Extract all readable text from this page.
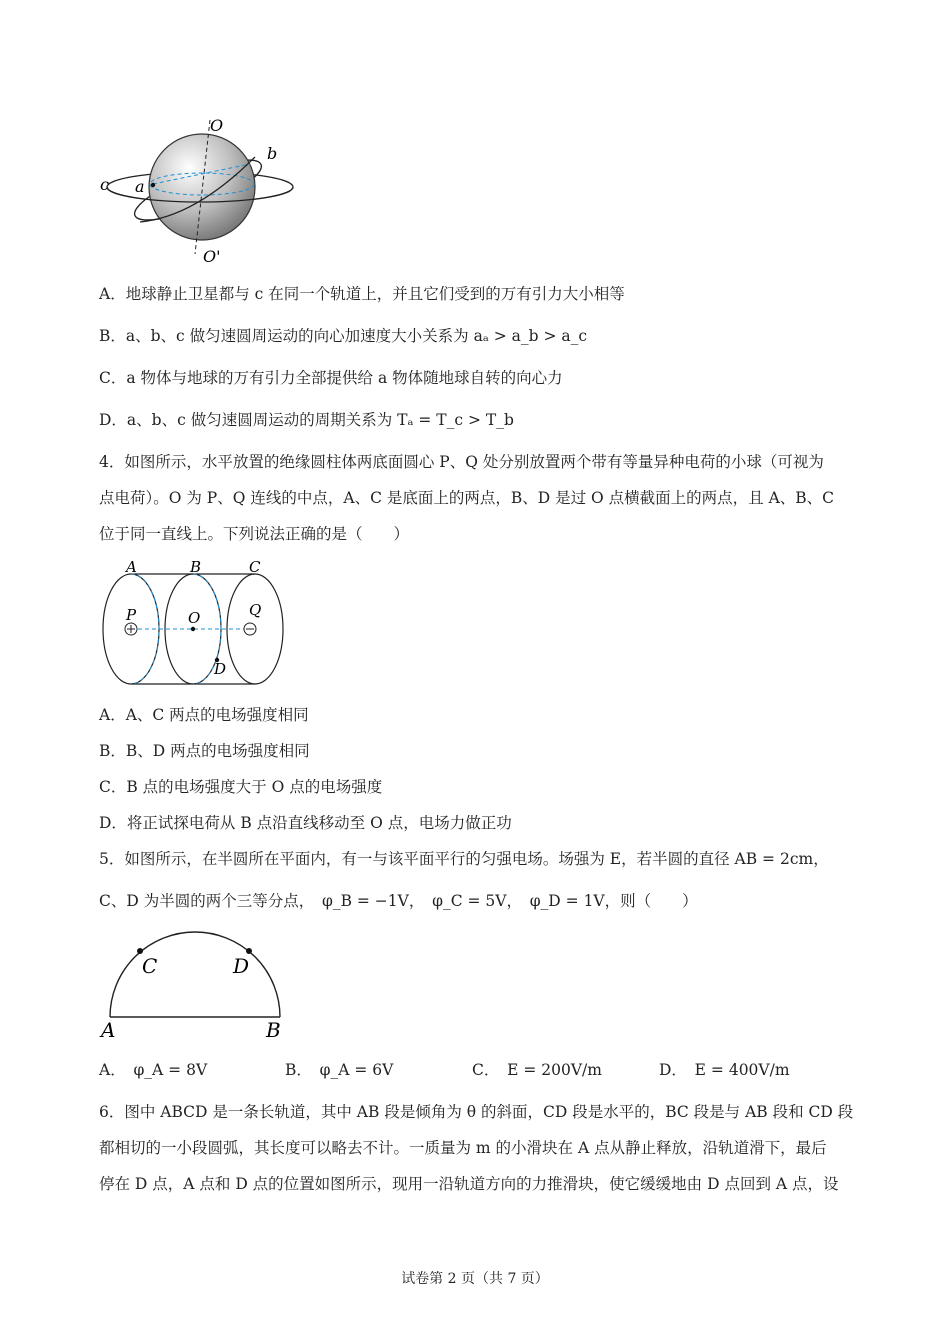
O
O'
b
c a
A．地球静止卫星都与 c 在同一个轨道上，并且它们受到的万有引力大小相等
B．a、b、c 做匀速圆周运动的向心加速度大小关系为 aₐ > a_b > a_c
C．a 物体与地球的万有引力全部提供给 a 物体随地球自转的向心力
D．a、b、c 做匀速圆周运动的周期关系为 Tₐ = T_c > T_b
4．如图所示，水平放置的绝缘圆柱体两底面圆心 P、Q 处分别放置两个带有等量异种电荷的小球（可视为
点电荷）。O 为 P、Q 连线的中点，A、C 是底面上的两点，B、D 是过 O 点横截面上的两点，且 A、B、C
位于同一直线上。下列说法正确的是（　　）
A	B	C
P	O	Q
D
A．A、C 两点的电场强度相同
B．B、D 两点的电场强度相同
C．B 点的电场强度大于 O 点的电场强度
D．将正试探电荷从 B 点沿直线移动至 O 点，电场力做正功
5．如图所示，在半圆所在平面内，有一与该平面平行的匀强电场。场强为 E，若半圆的直径 AB = 2cm，
C、D 为半圆的两个三等分点，　φ_B = −1V，　φ_C = 5V，　φ_D = 1V，则（　　）
C	D
A	B
A．　φ_A = 8V	B．　φ_A = 6V	C．　E = 200V/m	D．　E = 400V/m
6．图中 ABCD 是一条长轨道，其中 AB 段是倾角为 θ 的斜面，CD 段是水平的，BC 段是与 AB 段和 CD 段
都相切的一小段圆弧，其长度可以略去不计。一质量为 m 的小滑块在 A 点从静止释放，沿轨道滑下，最后
停在 D 点，A 点和 D 点的位置如图所示，现用一沿轨道方向的力推滑块，使它缓缓地由 D 点回到 A 点，设
试卷第 2 页（共 7 页）
